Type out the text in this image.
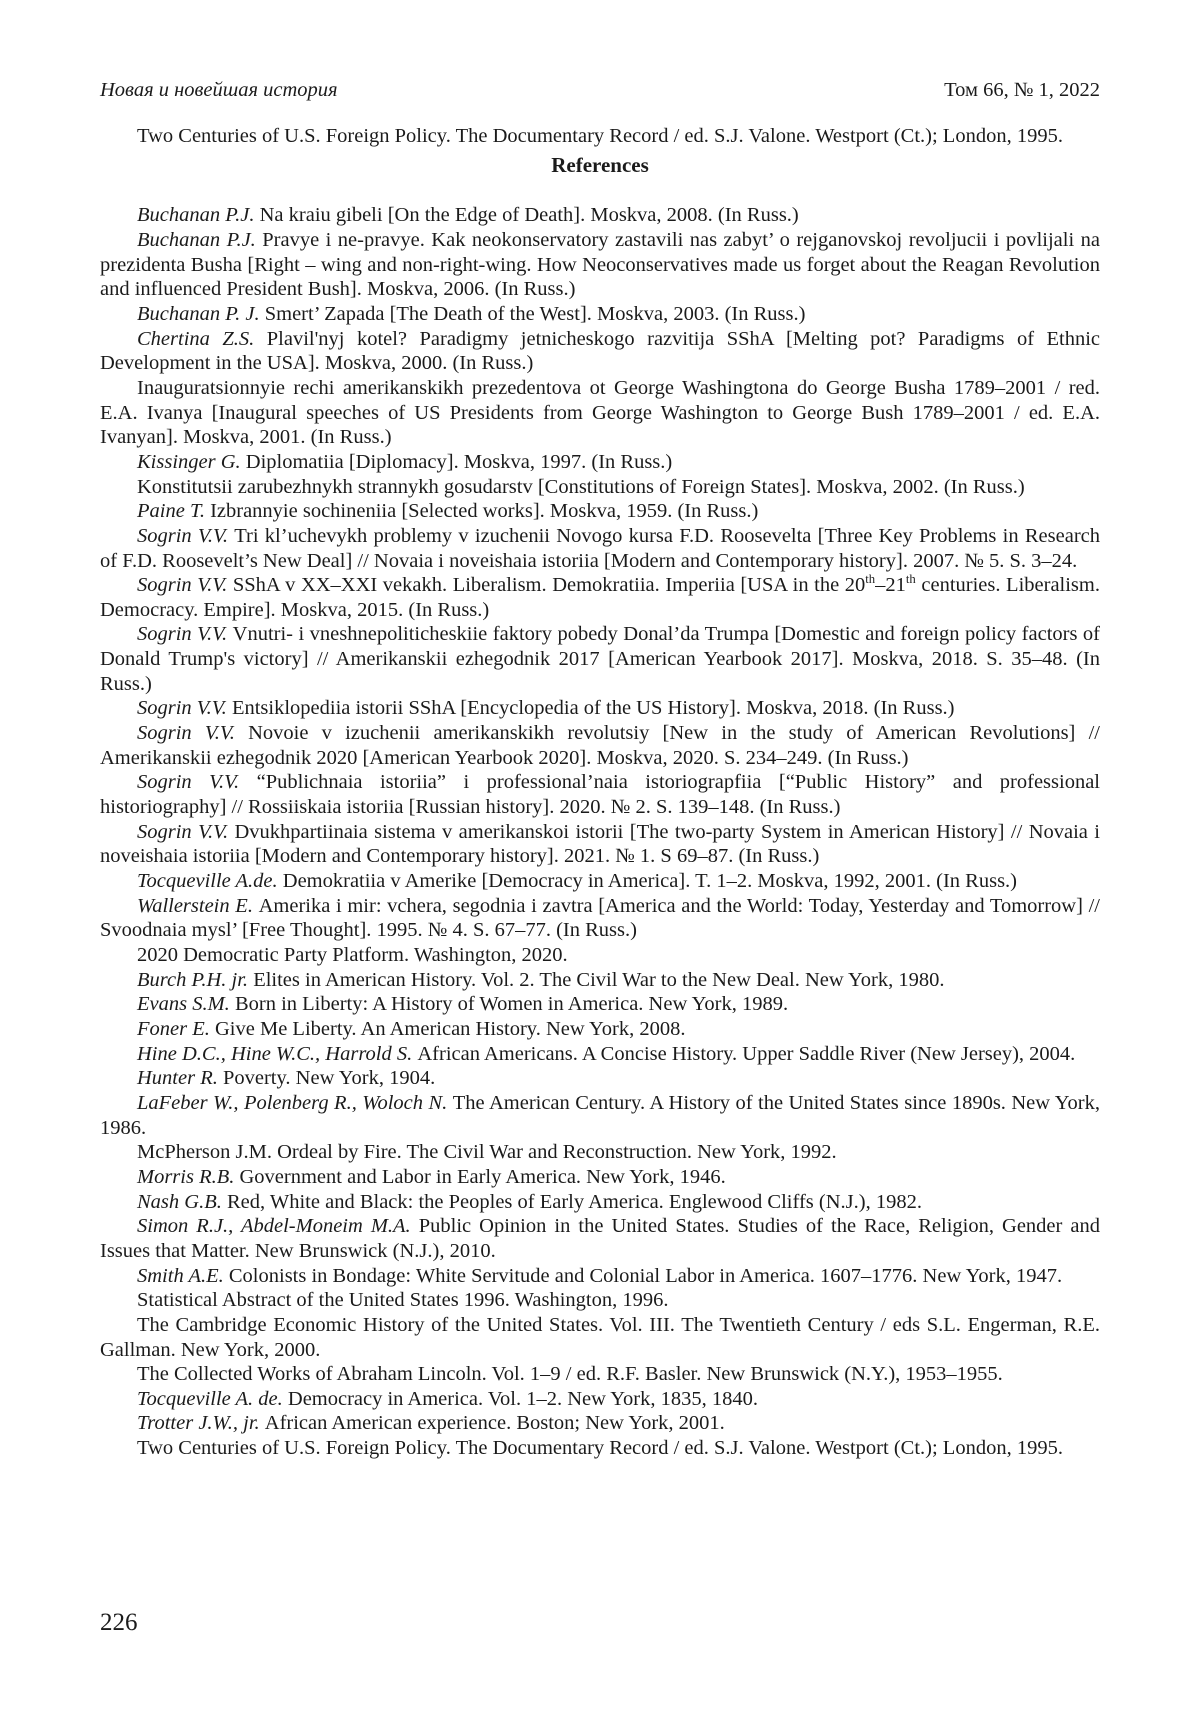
Новая и новейшая история	Том 66, № 1, 2022

Two Centuries of U.S. Foreign Policy. The Documentary Record / ed. S.J. Valone. Westport (Ct.); London, 1995.

References

Buchanan P.J. Na kraiu gibeli [On the Edge of Death]. Moskva, 2008. (In Russ.)

Buchanan P.J. Pravye i ne-pravye. Kak neokonservatory zastavili nas zabyt’ o rejganovskoj revoljucii i povlijali na prezidenta Busha [Right – wing and non-right-wing. How Neoconservatives made us forget about the Reagan Revolution and influenced President Bush]. Moskva, 2006. (In Russ.)

Buchanan P. J. Smert’ Zapada [The Death of the West]. Moskva, 2003. (In Russ.)

Chertina Z.S. Plavil'nyj kotel? Paradigmy jetnicheskogo razvitija SShA [Melting pot? Paradigms of Ethnic Development in the USA]. Moskva, 2000. (In Russ.)

Inauguratsionnyie rechi amerikanskikh prezedentova ot George Washingtona do George Busha 1789–2001 / red. E.A. Ivanya [Inaugural speeches of US Presidents from George Washington to George Bush 1789–2001 / ed. E.A. Ivanyan]. Moskva, 2001. (In Russ.)

Kissinger G. Diplomatiia [Diplomacy]. Moskva, 1997. (In Russ.)

Konstitutsii zarubezhnykh strannykh gosudarstv [Constitutions of Foreign States]. Moskva, 2002. (In Russ.)

Paine T. Izbrannyie sochineniia [Selected works]. Moskva, 1959. (In Russ.)

Sogrin V.V. Tri kl’uchevykh problemy v izuchenii Novogo kursa F.D. Roosevelta [Three Key Problems in Research of F.D. Roosevelt’s New Deal] // Novaia i noveishaia istoriia [Modern and Contemporary history]. 2007. № 5. S. 3–24.

Sogrin V.V. SShA v XX–XXI vekakh. Liberalism. Demokratiia. Imperiia [USA in the 20th–21th centuries. Liberalism. Democracy. Empire]. Moskva, 2015. (In Russ.)

Sogrin V.V. Vnutri- i vneshnepoliticheskiie faktory pobedy Donal’da Trumpa [Domestic and foreign policy factors of Donald Trump's victory] // Amerikanskii ezhegodnik 2017 [American Yearbook 2017]. Moskva, 2018. S. 35–48. (In Russ.)

Sogrin V.V. Entsiklopediia istorii SShA [Encyclopedia of the US History]. Moskva, 2018. (In Russ.)

Sogrin V.V. Novoie v izuchenii amerikanskikh revolutsiy [New in the study of American Revolutions] // Amerikanskii ezhegodnik 2020 [American Yearbook 2020]. Moskva, 2020. S. 234–249. (In Russ.)

Sogrin V.V. “Publichnaia istoriia” i professional’naia istoriograpfiia [“Public History” and professional historiography] // Rossiiskaia istoriia [Russian history]. 2020. № 2. S. 139–148. (In Russ.)

Sogrin V.V. Dvukhpartiinaia sistema v amerikanskoi istorii [The two-party System in American History] // Novaia i noveishaia istoriia [Modern and Contemporary history]. 2021. № 1. S 69–87. (In Russ.)

Tocqueville A.de. Demokratiia v Amerike [Democracy in America]. T. 1–2. Moskva, 1992, 2001. (In Russ.)

Wallerstein E. Amerika i mir: vchera, segodnia i zavtra [America and the World: Today, Yesterday and Tomorrow] // Svoodnaia mysl’ [Free Thought]. 1995. № 4. S. 67–77. (In Russ.)

2020 Democratic Party Platform. Washington, 2020.

Burch P.H. jr. Elites in American History. Vol. 2. The Civil War to the New Deal. New York, 1980.

Evans S.M. Born in Liberty: A History of Women in America. New York, 1989.

Foner E. Give Me Liberty. An American History. New York, 2008.

Hine D.C., Hine W.C., Harrold S. African Americans. A Concise History. Upper Saddle River (New Jersey), 2004.

Hunter R. Poverty. New York, 1904.

LaFeber W., Polenberg R., Woloch N. The American Century. A History of the United States since 1890s. New York, 1986.

McPherson J.M. Ordeal by Fire. The Civil War and Reconstruction. New York, 1992.

Morris R.B. Government and Labor in Early America. New York, 1946.

Nash G.B. Red, White and Black: the Peoples of Early America. Englewood Cliffs (N.J.), 1982.

Simon R.J., Abdel-Moneim M.A. Public Opinion in the United States. Studies of the Race, Religion, Gender and Issues that Matter. New Brunswick (N.J.), 2010.

Smith A.E. Colonists in Bondage: White Servitude and Colonial Labor in America. 1607–1776. New York, 1947.

Statistical Abstract of the United States 1996. Washington, 1996.

The Cambridge Economic History of the United States. Vol. III. The Twentieth Century / eds S.L. Engerman, R.E. Gallman. New York, 2000.

The Collected Works of Abraham Lincoln. Vol. 1–9 / ed. R.F. Basler. New Brunswick (N.Y.), 1953–1955.

Tocqueville A. de. Democracy in America. Vol. 1–2. New York, 1835, 1840.

Trotter J.W., jr. African American experience. Boston; New York, 2001.

Two Centuries of U.S. Foreign Policy. The Documentary Record / ed. S.J. Valone. Westport (Ct.); London, 1995.

226
